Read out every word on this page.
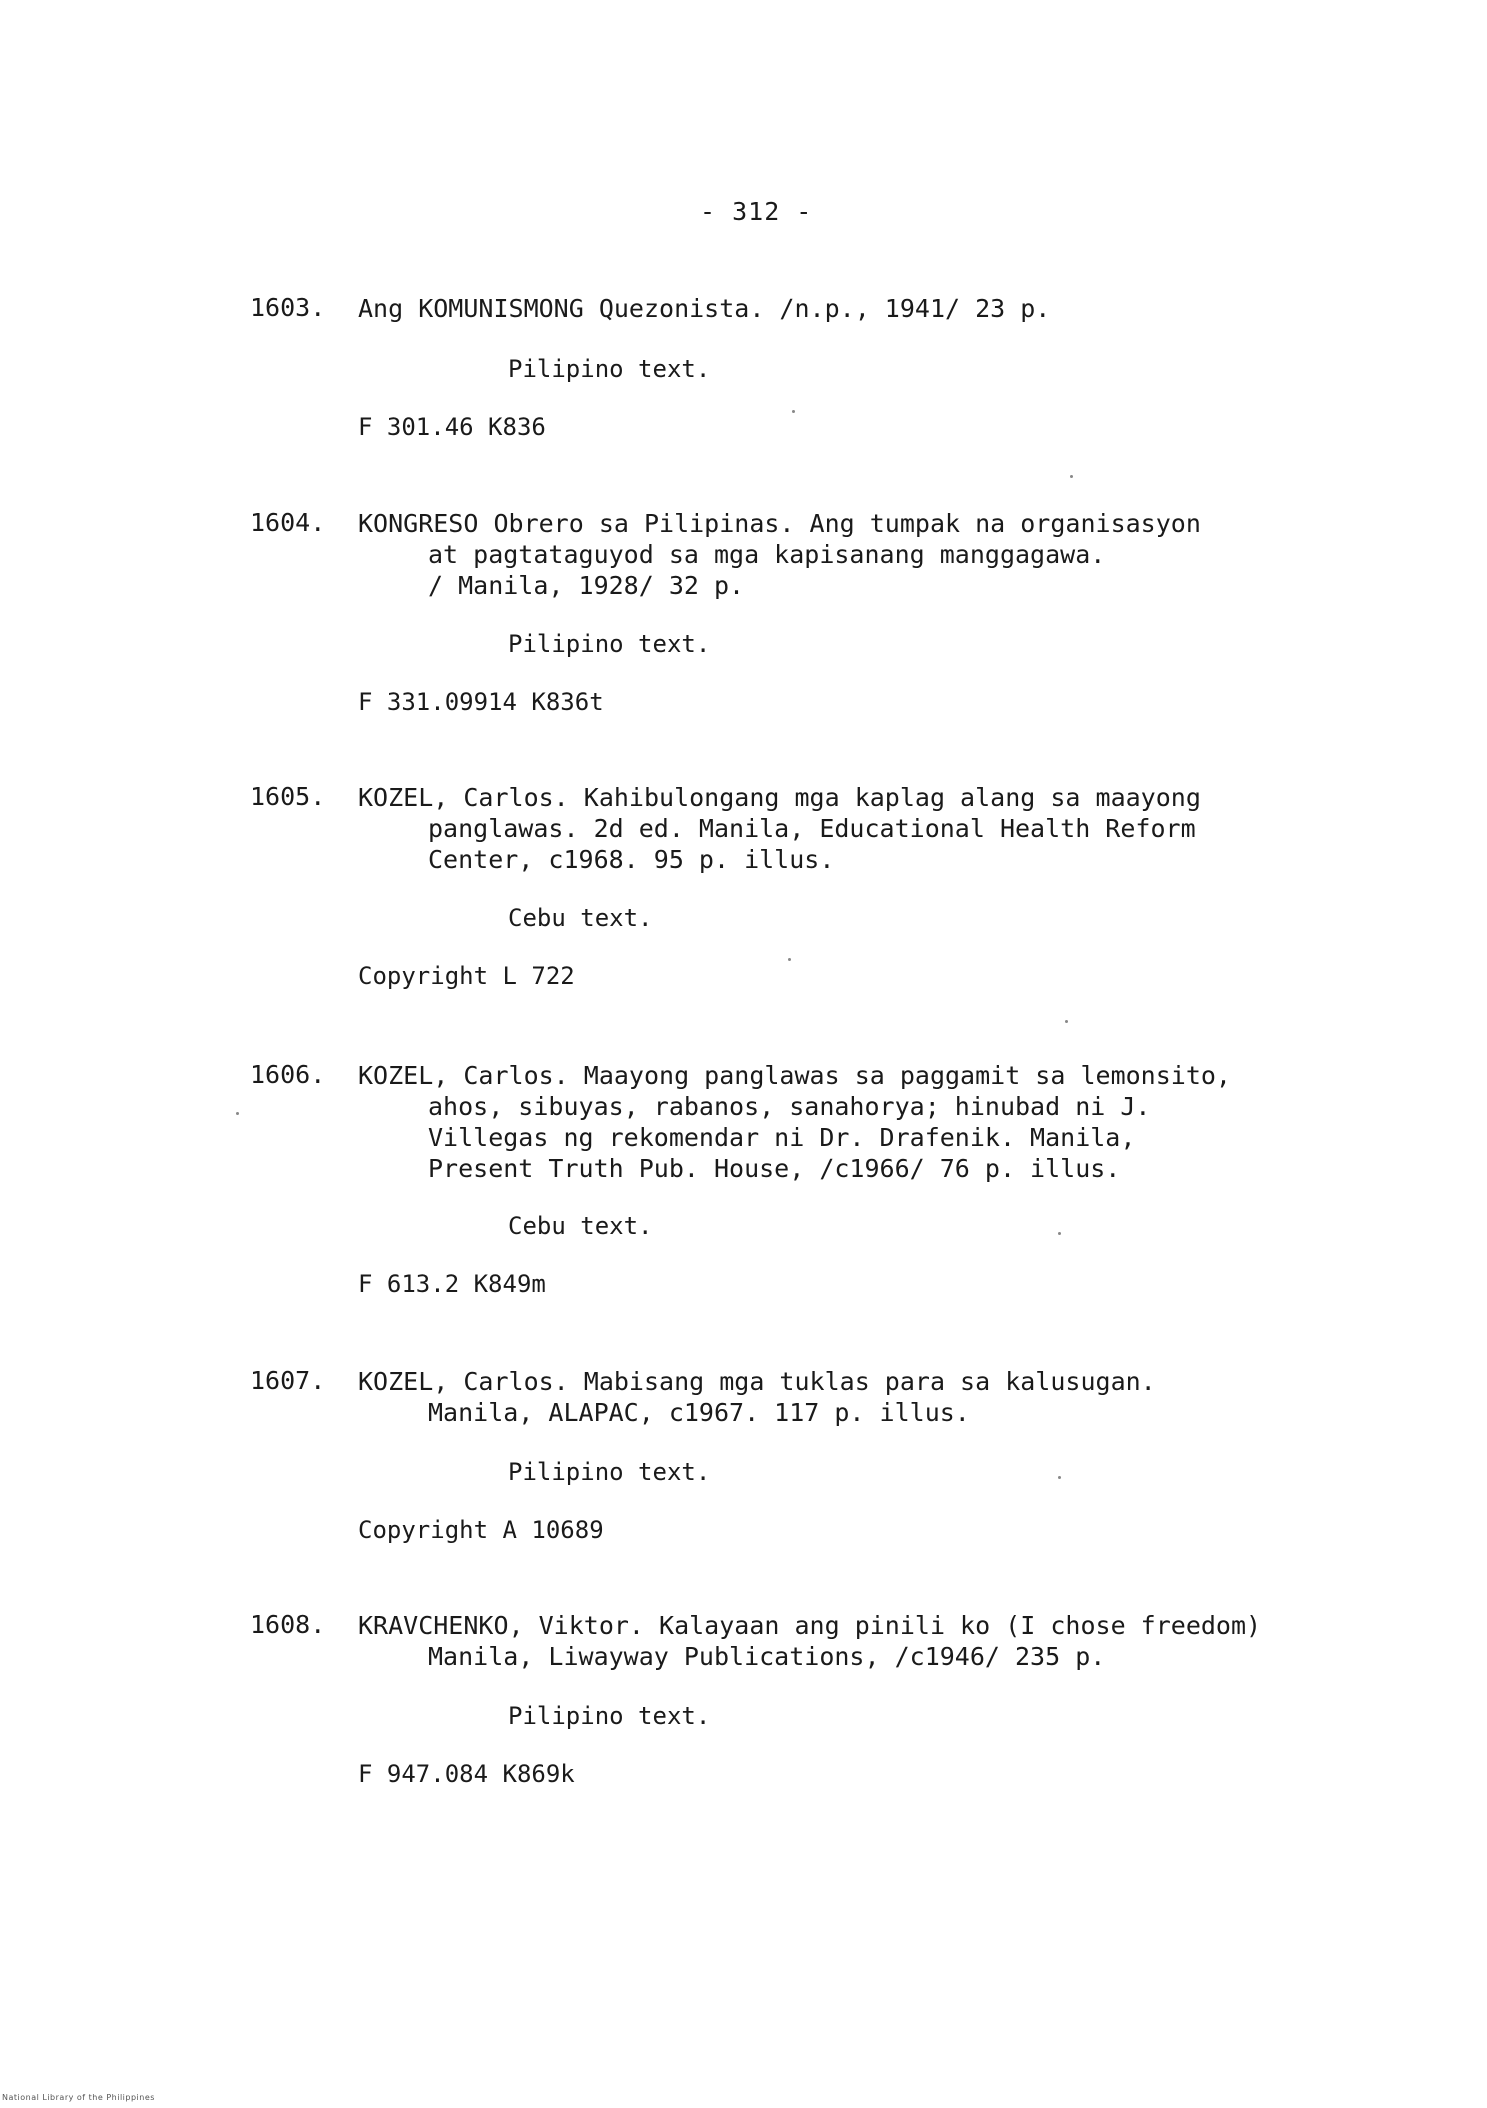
- 312 -
1603.	Ang KOMUNISMONG Quezonista. ∕n.p., 1941∕ 23 p.
Pilipino text.
F 301.46 K836
1604.	KONGRESO Obrero sa Pilipinas. Ang tumpak na organisasyon
at pagtataguyod sa mga kapisanang manggagawa.
∕ Manila, 1928∕ 32 p.
Pilipino text.
F 331.09914 K836t
1605.	KOZEL, Carlos. Kahibulongang mga kaplag alang sa maayong
panglawas. 2d ed. Manila, Educational Health Reform
Center, c1968. 95 p. illus.
Cebu text.
Copyright L 722
1606.	KOZEL, Carlos. Maayong panglawas sa paggamit sa lemonsito,
ahos, sibuyas, rabanos, sanahorya; hinubad ni J.
Villegas ng rekomendar ni Dr. Drafenik. Manila,
Present Truth Pub. House, ∕c1966∕ 76 p. illus.
Cebu text.
F 613.2 K849m
1607.	KOZEL, Carlos. Mabisang mga tuklas para sa kalusugan.
Manila, ALAPAC, c1967. 117 p. illus.
Pilipino text.
Copyright A 10689
1608.	KRAVCHENKO, Viktor. Kalayaan ang pinili ko (I chose freedom)
Manila, Liwayway Publications, ∕c1946∕ 235 p.
Pilipino text.
F 947.084 K869k
National Library of the Philippines
